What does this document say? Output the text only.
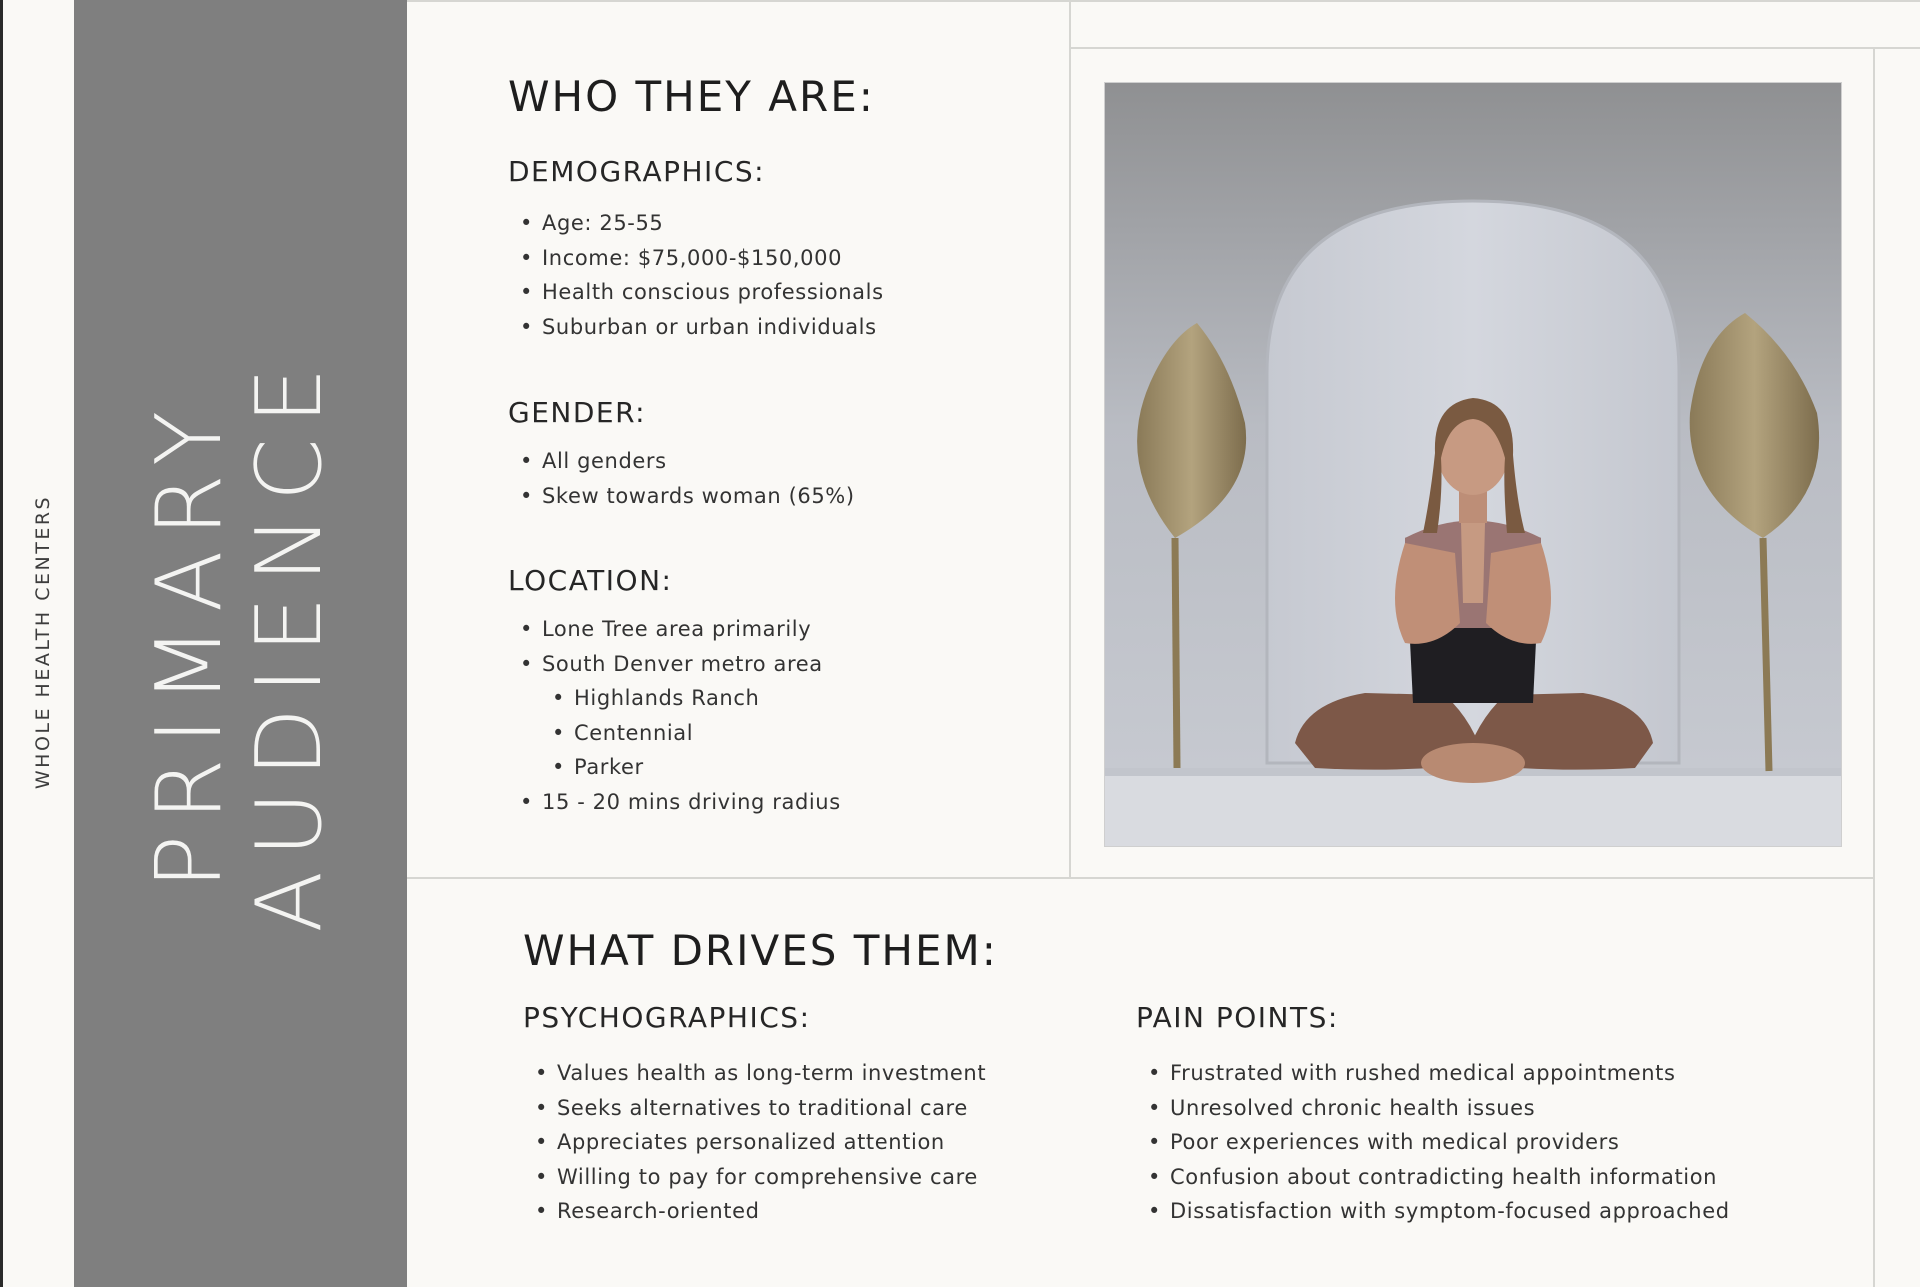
WHOLE HEALTH CENTERS PRIMARY
AUDIENCE
WHO THEY ARE:
DEMOGRAPHICS:
• Age: 25-55
• Income: $75,000-$150,000
• Health conscious professionals
• Suburban or urban individuals
GENDER:
• All genders
• Skew towards woman (65%)
LOCATION:
• Lone Tree area primarily
• South Denver metro area
• Highlands Ranch
• Centennial
• Parker
• 15 - 20 mins driving radius
WHAT DRIVES THEM:
PSYCHOGRAPHICS:
• Values health as long-term investment
• Seeks alternatives to traditional care
• Appreciates personalized attention
• Willing to pay for comprehensive care
• Research-oriented
PAIN POINTS:
• Frustrated with rushed medical appointments
• Unresolved chronic health issues
• Poor experiences with medical providers
• Confusion about contradicting health information
• Dissatisfaction with symptom-focused approached
